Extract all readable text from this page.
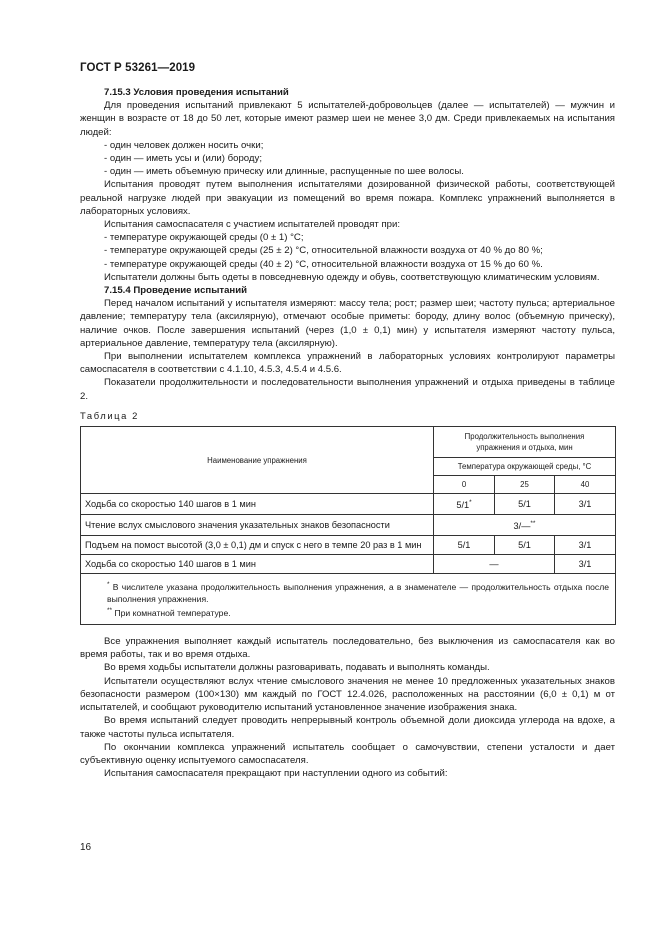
ГОСТ Р 53261—2019

7.15.3 Условия проведения испытаний

Для проведения испытаний привлекают 5 испытателей-добровольцев (далее — испытателей) — мужчин и женщин в возрасте от 18 до 50 лет, которые имеют размер шеи не менее 3,0 дм. Среди привлекаемых на испытания людей:

- один человек должен носить очки;

- один — иметь усы и (или) бороду;

- один — иметь объемную прическу или длинные, распущенные по шее волосы.

Испытания проводят путем выполнения испытателями дозированной физической работы, соответствующей реальной нагрузке людей при эвакуации из помещений во время пожара. Комплекс упражнений выполняется в лабораторных условиях.

Испытания самоспасателя с участием испытателей проводят при:

- температуре окружающей среды (0 ± 1) °С;

- температуре окружающей среды (25 ± 2) °С, относительной влажности воздуха от 40 % до 80 %;

- температуре окружающей среды (40 ± 2) °С, относительной влажности воздуха от 15 % до 60 %.

Испытатели должны быть одеты в повседневную одежду и обувь, соответствующую климатическим условиям.

7.15.4 Проведение испытаний

Перед началом испытаний у испытателя измеряют: массу тела; рост; размер шеи; частоту пульса; артериальное давление; температуру тела (аксилярную), отмечают особые приметы: бороду, длину волос (объемную прическу), наличие очков. После завершения испытаний (через (1,0 ± 0,1) мин) у испытателя измеряют частоту пульса, артериальное давление, температуру тела (аксилярную).

При выполнении испытателем комплекса упражнений в лабораторных условиях контролируют параметры самоспасателя в соответствии с 4.1.10, 4.5.3, 4.5.4 и 4.5.6.

Показатели продолжительности и последовательности выполнения упражнений и отдыха приведены в таблице 2.

Таблица 2
Наименование упражнения	Продолжительность выполнения упражнения и отдыха, мин		
	Температура окружающей среды, °С		
	0	25	40
Ходьба со скоростью 140 шагов в 1 мин	5/1*	5/1	3/1
Чтение вслух смыслового значения указательных знаков безопасности	3/—**
Подъем на помост высотой (3,0 ± 0,1) дм и спуск с него в темпе 20 раз в 1 мин	5/1	5/1	3/1
Ходьба со скоростью 140 шагов в 1 мин	—		3/1

* В числителе указана продолжительность выполнения упражнения, а в знаменателе — продолжительность отдыха после выполнения упражнения.
** При комнатной температуре.			

Все упражнения выполняет каждый испытатель последовательно, без выключения из самоспасателя как во время работы, так и во время отдыха.

Во время ходьбы испытатели должны разговаривать, подавать и выполнять команды.

Испытатели осуществляют вслух чтение смыслового значения не менее 10 предложенных указательных знаков безопасности размером (100×130) мм каждый по ГОСТ 12.4.026, расположенных на расстоянии (6,0 ± 0,1) м от испытателей, и сообщают руководителю испытаний установленное значение изображения знака.

Во время испытаний следует проводить непрерывный контроль объемной доли диоксида углерода на вдохе, а также частоты пульса испытателя.

По окончании комплекса упражнений испытатель сообщает о самочувствии, степени усталости и дает субъективную оценку испытуемого самоспасателя.

Испытания самоспасателя прекращают при наступлении одного из событий:

16
